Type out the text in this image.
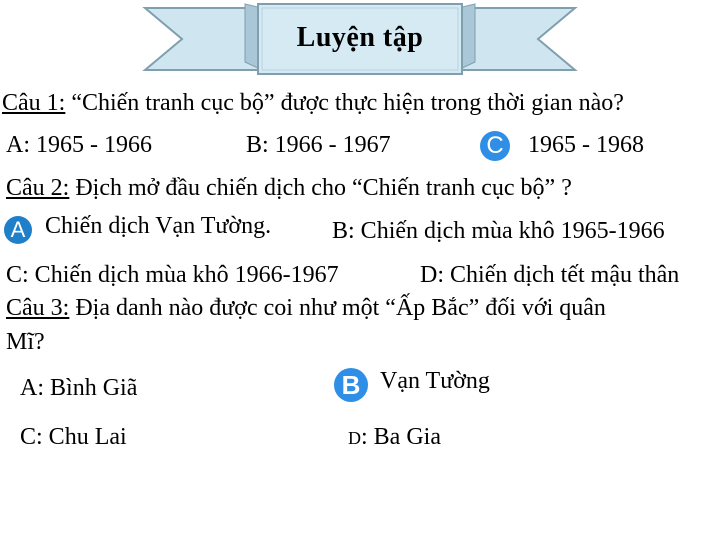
Luyện tập
Câu 1: “Chiến tranh cục bộ” được thực hiện trong thời gian nào?
A: 1965 - 1966	B: 1966 - 1967	C 1965 - 1968
Câu 2: Địch mở đầu chiến dịch cho “Chiến tranh cục bộ” ?
A Chiến dịch Vạn Tường.	B: Chiến dịch mùa khô 1965-1966
C: Chiến dịch mùa khô 1966-1967	D: Chiến dịch tết mậu thân
Câu 3: Địa danh nào được coi như một “Ấp Bắc” đối với quân
Mĩ?
A: Bình Giã	B Vạn Tường
C: Chu Lai	D: Ba Gia
